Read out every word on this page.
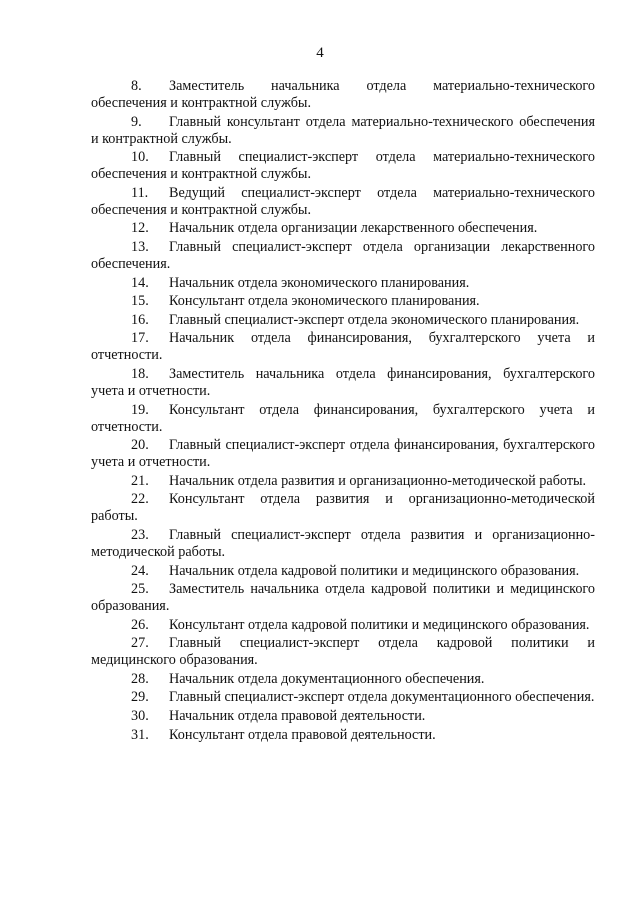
4

8. Заместитель начальника отдела материально-технического обеспечения и контрактной службы.

9. Главный консультант отдела материально-технического обеспечения и контрактной службы.

10. Главный специалист-эксперт отдела материально-технического обеспечения и контрактной службы.

11. Ведущий специалист-эксперт отдела материально-технического обеспечения и контрактной службы.

12. Начальник отдела организации лекарственного обеспечения.

13. Главный специалист-эксперт отдела организации лекарственного обеспечения.

14. Начальник отдела экономического планирования.

15. Консультант отдела экономического планирования.

16. Главный специалист-эксперт отдела экономического планирования.

17. Начальник отдела финансирования, бухгалтерского учета и отчетности.

18. Заместитель начальника отдела финансирования, бухгалтерского учета и отчетности.

19. Консультант отдела финансирования, бухгалтерского учета и отчетности.

20. Главный специалист-эксперт отдела финансирования, бухгалтерского учета и отчетности.

21. Начальник отдела развития и организационно-методической работы.

22. Консультант отдела развития и организационно-методической работы.

23. Главный специалист-эксперт отдела развития и организационно-методической работы.

24. Начальник отдела кадровой политики и медицинского образования.

25. Заместитель начальника отдела кадровой политики и медицинского образования.

26. Консультант отдела кадровой политики и медицинского образования.

27. Главный специалист-эксперт отдела кадровой политики и медицинского образования.

28. Начальник отдела документационного обеспечения.

29. Главный специалист-эксперт отдела документационного обеспечения.

30. Начальник отдела правовой деятельности.

31. Консультант отдела правовой деятельности.
